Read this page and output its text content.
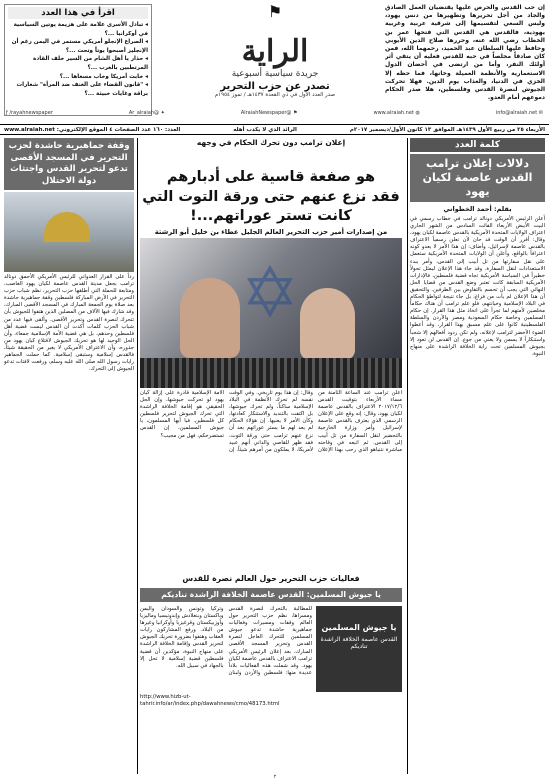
إن حب القدس والحرص عليها يقتضيان العمل الصادق والجاد من أجل تحريرها وتطهيرها من دنس يهود، وليس السعي لتقسيمها إلى شرقية عربية وغربية يهودية، فالقدس هي القدس التي فتحها عمر بن الخطاب رضي الله عنه، وحررها صلاح الدين الأيوبي وحافظ عليها السلطان عبد الحميد، رحمهما الله، فمن كان صادقاً مخلصاً في حبه للقدس فعليه أن يتقي أثر أولئك النفر، وأما من ارتضى في أحضان الدول الاستعمارية والأنظمة العميلة وخانها، فما حظه إلا الخزي في الدنيا، والعذاب يوم الدين. فهلا تحركت الجيوش لنصرة القدس وفلسطين، هلا صدر الحكام دموعهم أمام العدو.
⚑
الراية
جريدة سياسية أسبوعية
تصدر عن حزب التحرير
صدر العدد الأول في ذي القعدة ١٤٣٧هـ / تموز ١٩٥٤م
اقرأ في هذا العدد
◂ تبادل الأسرى علامة على هزيمة يوتين السياسية في أوكرانيا ...؟
◂ الصراع الإنجلو أمريكي مستمر في اليمن رغم أن الإنجليز أصبحوا يوتاً وتحت ...؟
◂ حذار يا أهل الشام من السير خلف القادة المرتطبين بالغرب ...؟
◂ خابت أمريكا وخاب مسعاها ...؟
◂ "قانون القضاء على العنف ضد المرأة" شعارات براقة وغايات خبيثة ...؟
✉ info@alraiah.net
◍ www.alraiah.net
⚑ @AlraiahNewspaper
✦ @Ar_alraiah
ƒ /rayahnewspaper
الأربعاء ٢٥ من ربيع الأول ١٤٣٩هـ الموافق ١٣ كانون الأول/ديسمبر ٢٠١٧م
الرائد الذي لا يكذب أهله
العدد: ١٦٠ عدد الصفحات ٤ الموقع الإلكتروني: www.alraiah.net
كلمة العدد
دلالات إعلان ترامب القدس عاصمة لكيان يهود
بقلم: أحمد الخطواني
أعلن الرئيس الأمريكي دونالد ترامب في خطاب رسمي في البيت الأبيض الأربعاء الفائت السادس من الشهر الجاري اعتراف الولايات المتحدة الأمريكية بالقدس عاصمة لكيان يهود، وقال: أقرر أن الوقت قد حان لأن نعلن رسمياً الاعتراف بالقدس عاصمة لإسرائيل، وأضاف: إن هذا الأمر لا يعدو كونه اعترافاً بالواقع، وأعلن أن الولايات المتحدة الأمريكية ستعمل على نقل سفارتها من تل أبيب إلى القدس، وأمر ببدء الاستعدادات لنقل السفارة. وقد جاء هذا الإعلان ليمثل تحولاً خطيراً في السياسة الأمريكية تجاه قضية فلسطين، فالإدارات الأمريكية السابقة كانت تعتبر وضع القدس من قضايا الحل النهائي التي يجب أن تحسم بالتفاوض بين الطرفين. والتحقيق أن هذا الإعلان لم يأت من فراغ، بل جاء نتيجة لتواطؤ الحكام في البلاد الإسلامية وخيانتهم، فلو علم ترامب أن هناك حكاماً مخلصين لأمتهم لما تجرأ على اتخاذ مثل هذا القرار. إن حكام المسلمين وخاصة حكام السعودية ومصر والأردن والسلطة الفلسطينية كانوا على علم مسبق بهذا القرار، وقد أعطوا الضوء الأخضر لترامب لإعلانه، ولم تكن ردود أفعالهم إلا شجباً واستنكاراً لا يسمن ولا يغني من جوع. إن القدس لن تعود إلا بجيوش المسلمين تحت راية الخلافة الراشدة على منهاج النبوة.
وقفة جماهيرية حاشدة لحزب التحرير في المسجد الأقصى تدعو لتحرير القدس واجتثاث دولة الاحتلال
رداً على القرار العدواني للرئيس الأمريكي الأحمق دونالد ترامب بجعل مدينة القدس عاصمة لكيان يهود الغاصب، ومتابعة للحملة التي أطلقها حزب التحرير، نظم شباب حزب التحرير في الأرض المباركة فلسطين وقفة جماهيرية حاشدة بعد صلاة يوم الجمعة المبارك في المسجد الأقصى المبارك، وقد شارك فيها الآلاف من المصلين الذين هتفوا للجيوش بأن تتحرك لنصرة القدس وتحرير الأقصى. وألقى فيها عدد من شباب الحزب كلمات أكدت أن القدس ليست قضية أهل فلسطين وحدهم، بل هي قضية الأمة الإسلامية جمعاء، وأن الحل الوحيد لها هو تحريك الجيوش لاقتلاع كيان يهود من جذوره، وأن الاعتراف الأمريكي لا يغير من الحقيقة شيئاً، فالقدس إسلامية وستبقى إسلامية. كما حملت الجماهير رايات رسول الله صلى الله عليه وسلم، ورفعت لافتات تدعو الجيوش إلى التحرك.
إعلان ترامب دون تحرك الحكام في وجهه
هو صفعة قاسية على أدبارهم
فقد نزع عنهم حتى ورقة التوت التي
كانت تستر عوراتهم...!
من إصدارات أمير حزب التحرير العالم الجليل عطاء بن خليل أبو الرشتة
✡
أعلن ترامب عند الساعة الثامنة من مساء الأربعاء بتوقيت القدس ٢٠١٧/١٢/٦ الاعتراف بالقدس عاصمة لكيان يهود، وقال: إنه وقع على الإعلان الرسمي الذي يعترف بالقدس عاصمة لإسرائيل وأمر وزارة الخارجية بالتحضير لنقل السفارة من تل أبيب إلى القدس. ثم اتبعه في وقاحته مباشرة نتنياهو الذي رحب بهذا الإعلان وقال: إن هذا يوم تاريخي. وفي الوقت نفسه لم تحرك الأنظمة في البلاد الإسلامية ساكناً، ولم تحرك جيوشها، بل اكتفت بالتنديد والاستنكار كعادتها، وكأن الأمر لا يعنيها. إن هؤلاء الحكام لم يعد لهم ما يستر عوراتهم بعد أن نزع عنهم ترامب حتى ورقة التوت، فقد ظهر للقاصي والداني أنهم عبيد لأمريكا، لا يملكون من أمرهم شيئاً. إن الأمة الإسلامية قادرة على إزالة كيان يهود لو تحركت جيوشها، وإن الحل الحقيقي هو إقامة الخلافة الراشدة التي تحرك الجيوش لتحرير فلسطين كل فلسطين. فيا أيها المسلمون، يا جيوش المسلمين، إن القدس تستصرخكم، فهل من مجيب؟
فعاليات حزب التحرير حول العالم نصرة للقدس
يا جيوش المسلمين: القدس عاصمة الخلافة الراشدة تناديكم
يا جيوش المسلمين
القدس عاصمة الخلافة الراشدة تناديكم
للمطالبة بالتحرك لنصرة القدس ومسراها، نظم حزب التحرير حول العالم وقفات ومسيرات وفعاليات جماهيرية حاشدة تدعو جيوش المسلمين للتحرك العاجل لنصرة القدس وتحرير المسجد الأقصى المبارك، بعد إعلان الرئيس الأمريكي ترامب الاعتراف بالقدس عاصمة لكيان يهود. وقد شملت هذه الفعاليات بلاداً عديدة منها: فلسطين والأردن ولبنان وتركيا وتونس والسودان واليمن وباكستان وبنغلادش وإندونيسيا وماليزيا وأوزبيكستان وقرغيزيا وأوكرانيا وغيرها من البلاد. ورفع المشاركون رايات العقاب وهتفوا بضرورة تحريك الجيوش لتحرير القدس وإقامة الخلافة الراشدة على منهاج النبوة، مؤكدين أن قضية فلسطين قضية إسلامية لا تحل إلا بالجهاد في سبيل الله.
http://www.hizb-ut-tahrir.info/ar/index.php/dawahnews/cmo/48173.html
٢
